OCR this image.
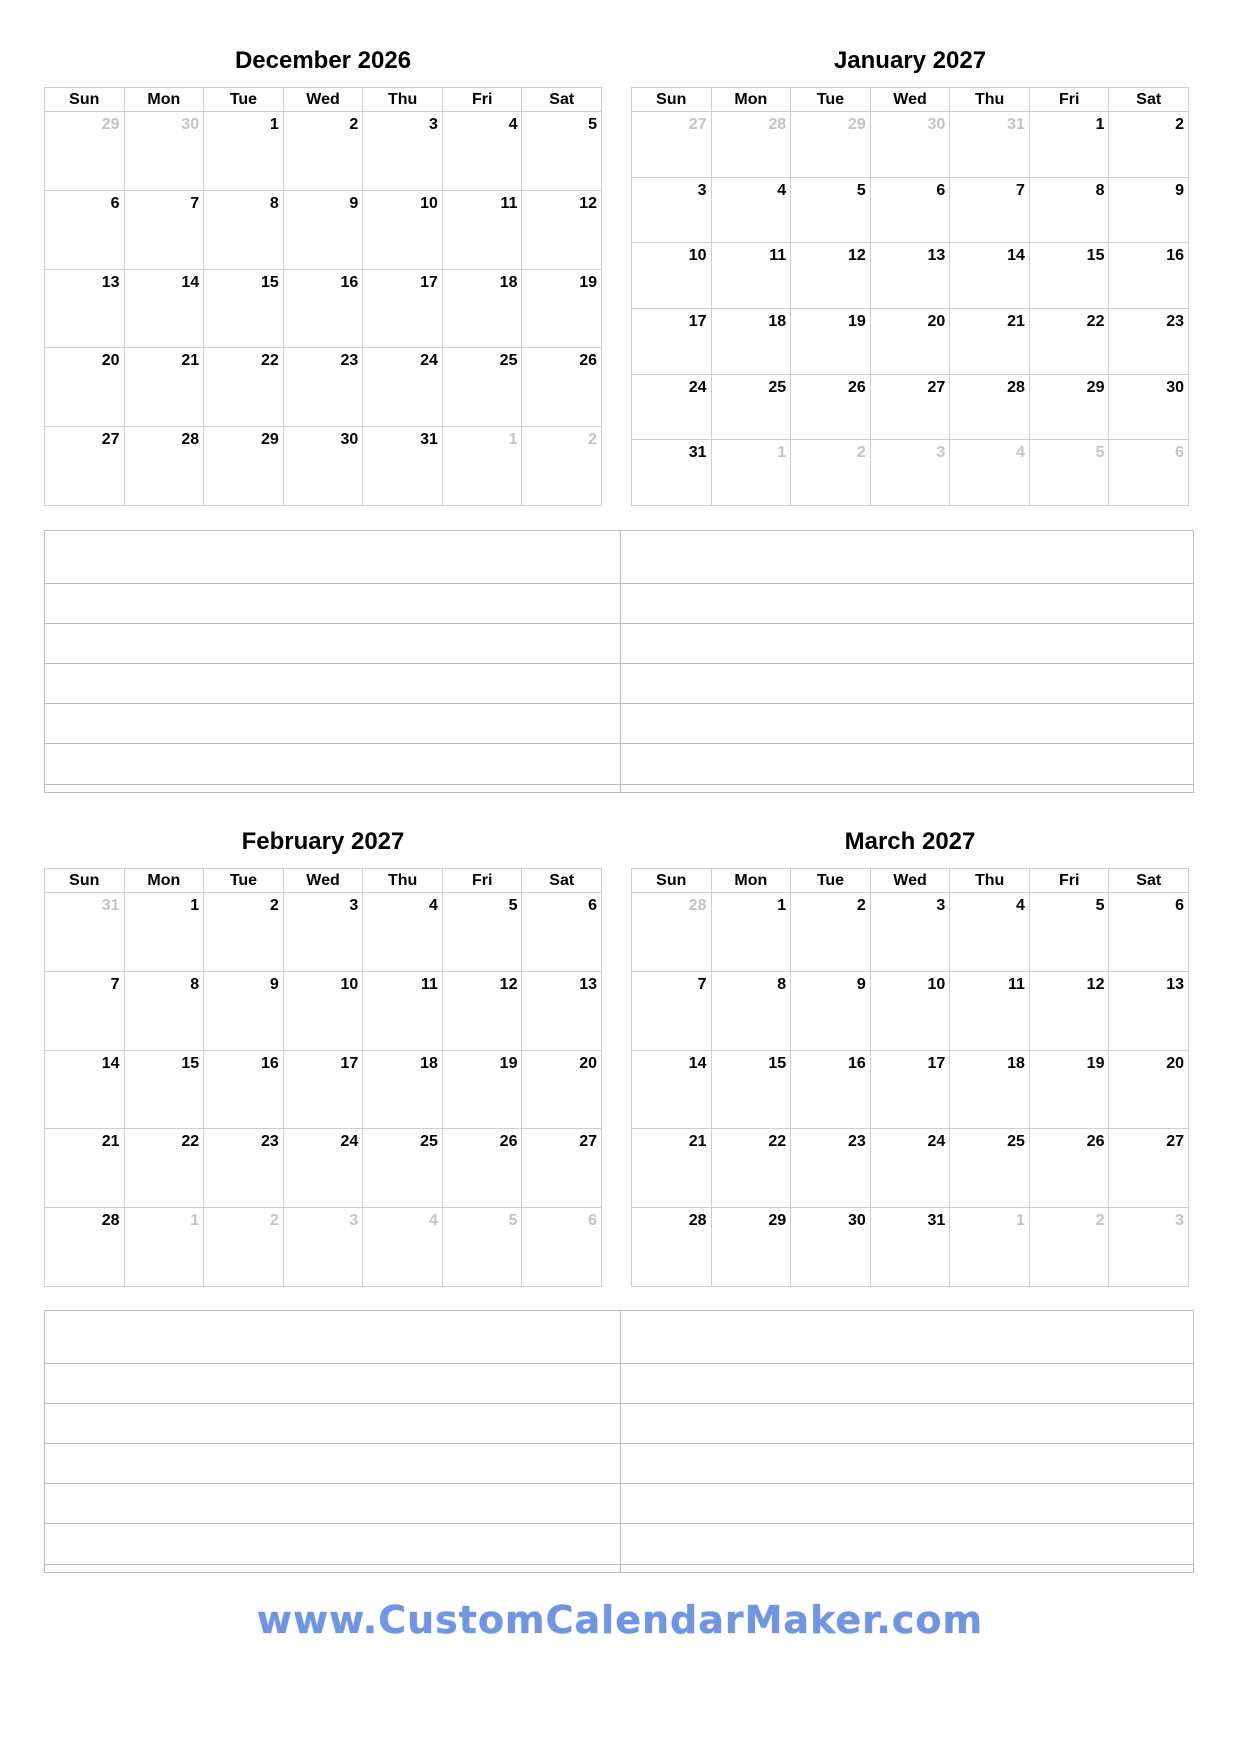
December 2026
Sun	Mon	Tue	Wed	Thu	Fri	Sat
29	30	1	2	3	4	5
6	7	8	9	10	11	12
13	14	15	16	17	18	19
20	21	22	23	24	25	26
27	28	29	30	31	1	2
January 2027
Sun	Mon	Tue	Wed	Thu	Fri	Sat
27	28	29	30	31	1	2
3	4	5	6	7	8	9
10	11	12	13	14	15	16
17	18	19	20	21	22	23
24	25	26	27	28	29	30
31	1	2	3	4	5	6
February 2027
Sun	Mon	Tue	Wed	Thu	Fri	Sat
31	1	2	3	4	5	6
7	8	9	10	11	12	13
14	15	16	17	18	19	20
21	22	23	24	25	26	27
28	1	2	3	4	5	6
March 2027
Sun	Mon	Tue	Wed	Thu	Fri	Sat
28	1	2	3	4	5	6
7	8	9	10	11	12	13
14	15	16	17	18	19	20
21	22	23	24	25	26	27
28	29	30	31	1	2	3
www.CustomCalendarMaker.com
